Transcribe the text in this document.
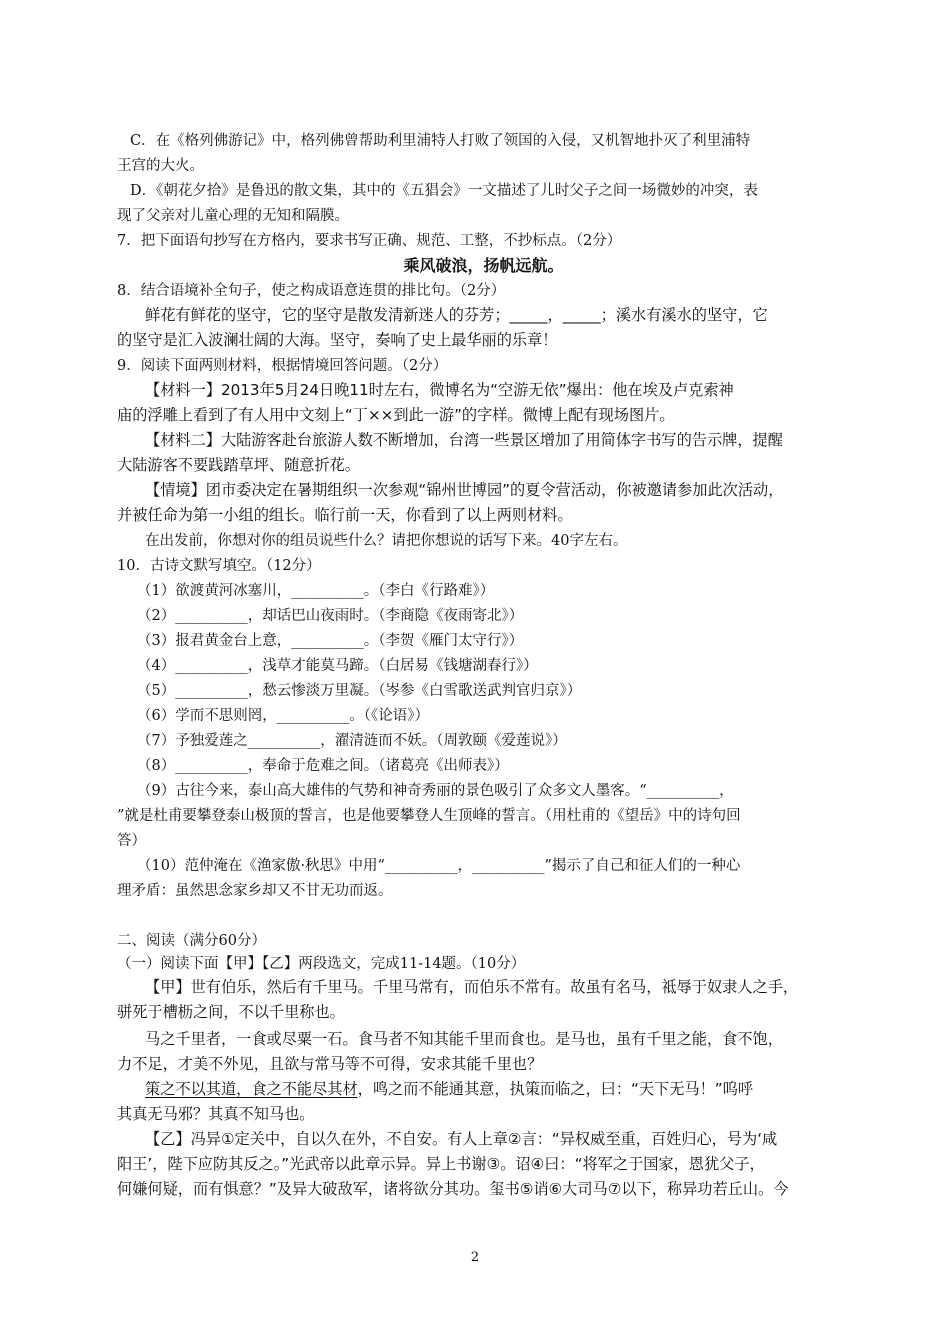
C．在《格列佛游记》中，格列佛曾帮助利里浦特人打败了领国的入侵，又机智地扑灭了利里浦特
王宫的大火。
D．《朝花夕拾》是鲁迅的散文集，其中的《五猖会》一文描述了儿时父子之间一场微妙的冲突，表
现了父亲对儿童心理的无知和隔膜。
7．把下面语句抄写在方格内，要求书写正确、规范、工整，不抄标点。（2分）
乘风破浪，扬帆远航。
8．结合语境补全句子，使之构成语意连贯的排比句。（2分）
鲜花有鲜花的坚守，它的坚守是散发清新迷人的芬芳；_____，_____；溪水有溪水的坚守，它
的坚守是汇入波澜壮阔的大海。坚守，奏响了史上最华丽的乐章！
9．阅读下面两则材料，根据情境回答问题。（2分）
【材料一】2013年5月24日晚11时左右，微博名为“空游无依”爆出：他在埃及卢克索神
庙的浮雕上看到了有人用中文刻上“丁××到此一游”的字样。微博上配有现场图片。
【材料二】大陆游客赴台旅游人数不断增加，台湾一些景区增加了用简体字书写的告示牌，提醒
大陆游客不要践踏草坪、随意折花。
【情境】团市委决定在暑期组织一次参观“锦州世博园”的夏令营活动，你被邀请参加此次活动，
并被任命为第一小组的组长。临行前一天，你看到了以上两则材料。
在出发前，你想对你的组员说些什么？请把你想说的话写下来。40字左右。
10．古诗文默写填空。（12分）
（1）欲渡黄河冰塞川，__________。（李白《行路难》）
（2）__________，却话巴山夜雨时。（李商隐《夜雨寄北》）
（3）报君黄金台上意，__________。（李贺《雁门太守行》）
（4）__________，浅草才能莫马蹄。（白居易《钱塘湖春行》）
（5）__________，愁云惨淡万里凝。（岑参《白雪歌送武判官归京》）
（6）学而不思则罔，__________。（《论语》）
（7）予独爱莲之__________，濯清涟而不妖。（周敦颐《爱莲说》）
（8）__________，奉命于危难之间。（诸葛亮《出师表》）
（9）古往今来，泰山高大雄伟的气势和神奇秀丽的景色吸引了众多文人墨客。“__________，
”就是杜甫要攀登泰山极顶的誓言，也是他要攀登人生顶峰的誓言。（用杜甫的《望岳》中的诗句回
答）
（10）范仲淹在《渔家傲·秋思》中用“__________，__________”揭示了自己和征人们的一种心
理矛盾：虽然思念家乡却又不甘无功而返。
二、阅读（满分60分）
（一）阅读下面【甲】【乙】两段选文，完成11-14题。（10分）
【甲】世有伯乐，然后有千里马。千里马常有，而伯乐不常有。故虽有名马，祗辱于奴隶人之手，
骈死于槽枥之间，不以千里称也。
马之千里者，一食或尽粟一石。食马者不知其能千里而食也。是马也，虽有千里之能，食不饱，
力不足，才美不外见，且欲与常马等不可得，安求其能千里也？
其真无马邪？其真不知马也。
【乙】冯异①定关中，自以久在外，不自安。有人上章②言：“异权威至重，百姓归心，号为‘咸
阳王’，陛下应防其反之。”光武帝以此章示异。异上书谢③。诏④曰：“将军之于国家，恩犹父子，
何嫌何疑，而有惧意？”及异大破敌军，诸将欲分其功。玺书⑤诮⑥大司马⑦以下，称异功若丘山。今
策之不以其道，食之不能尽其材，鸣之而不能通其意，执策而临之，曰：“天下无马！”呜呼
2
